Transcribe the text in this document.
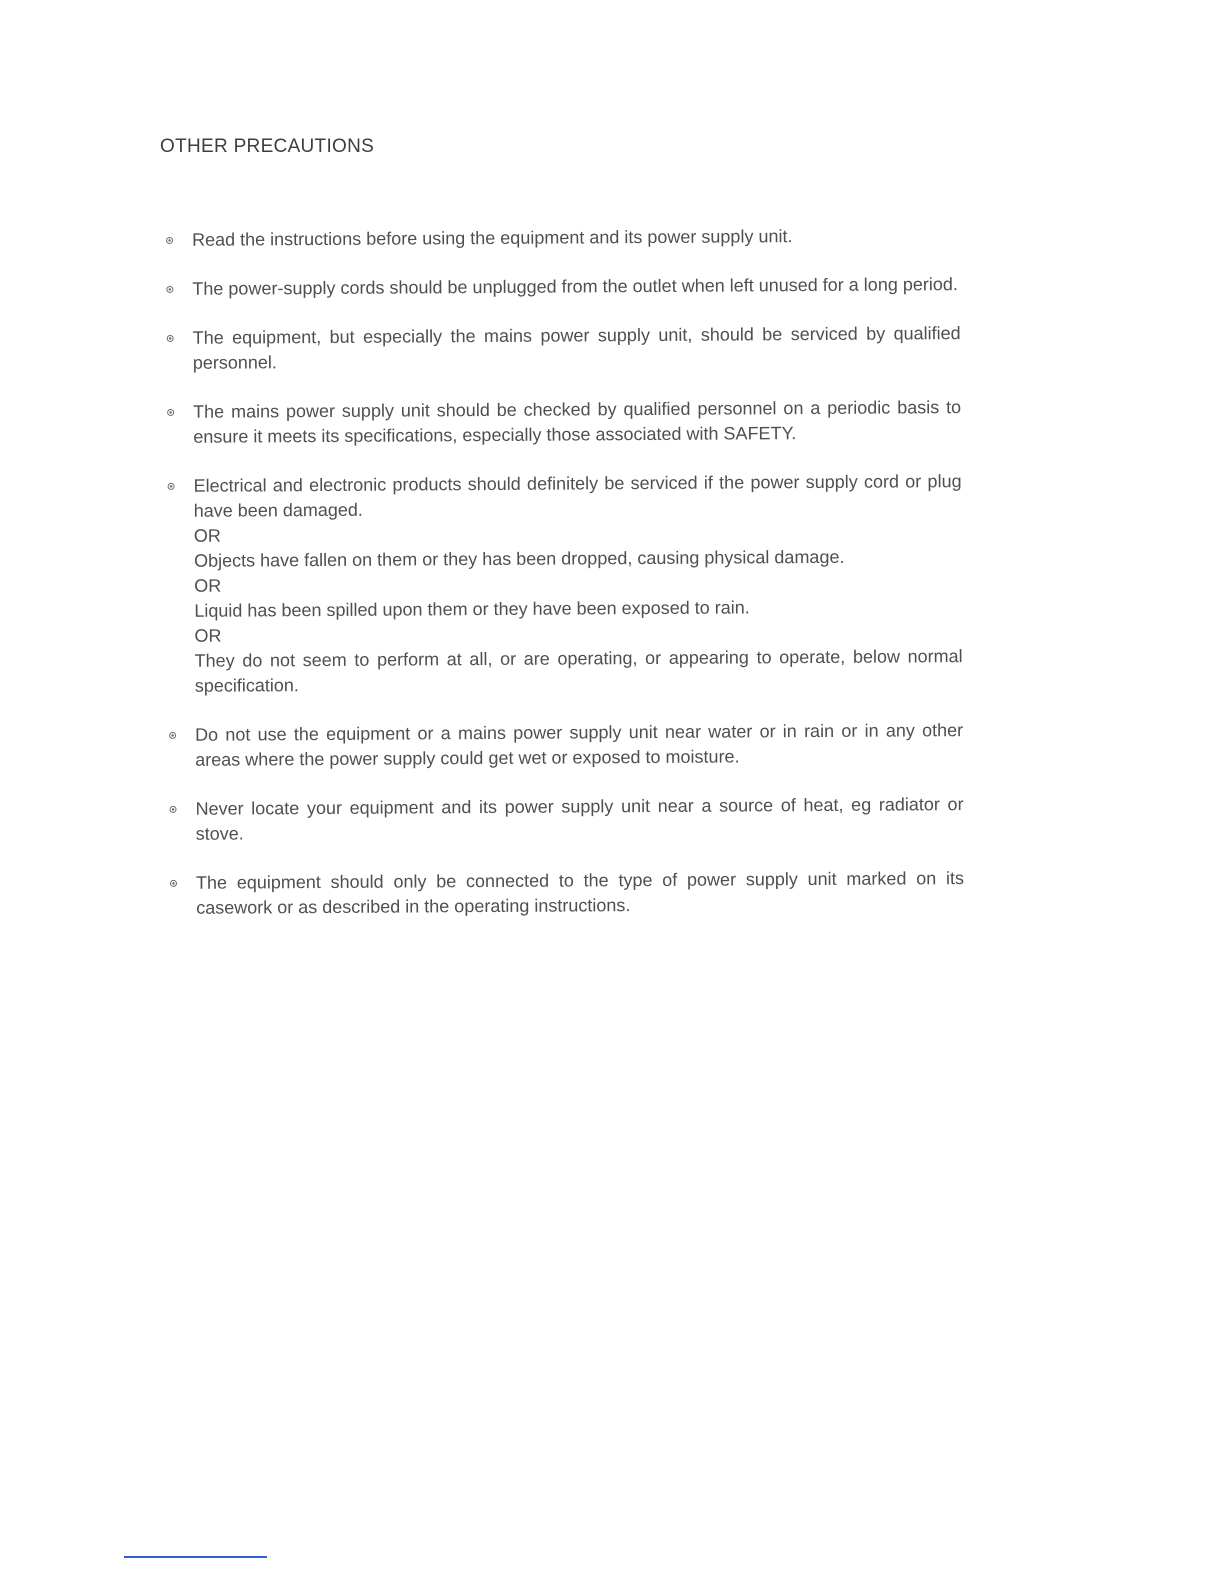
OTHER PRECAUTIONS
Read the instructions before using the equipment and its power supply unit.
The power-supply cords should be unplugged from the outlet when left unused for a long period.
The equipment, but especially the mains power supply unit, should be serviced by qualified personnel.
The mains power supply unit should be checked by qualified personnel on a periodic basis to ensure it meets its specifications, especially those associated with SAFETY.
Electrical and electronic products should definitely be serviced if the power supply cord or plug have been damaged.
OR
Objects have fallen on them or they has been dropped, causing physical damage.
OR
Liquid has been spilled upon them or they have been exposed to rain.
OR
They do not seem to perform at all, or are operating, or appearing to operate, below normal specification.
Do not use the equipment or a mains power supply unit near water or in rain or in any other areas where the power supply could get wet or exposed to moisture.
Never locate your equipment and its power supply unit near a source of heat, eg radiator or stove.
The equipment should only be connected to the type of power supply unit marked on its casework or as described in the operating instructions.
